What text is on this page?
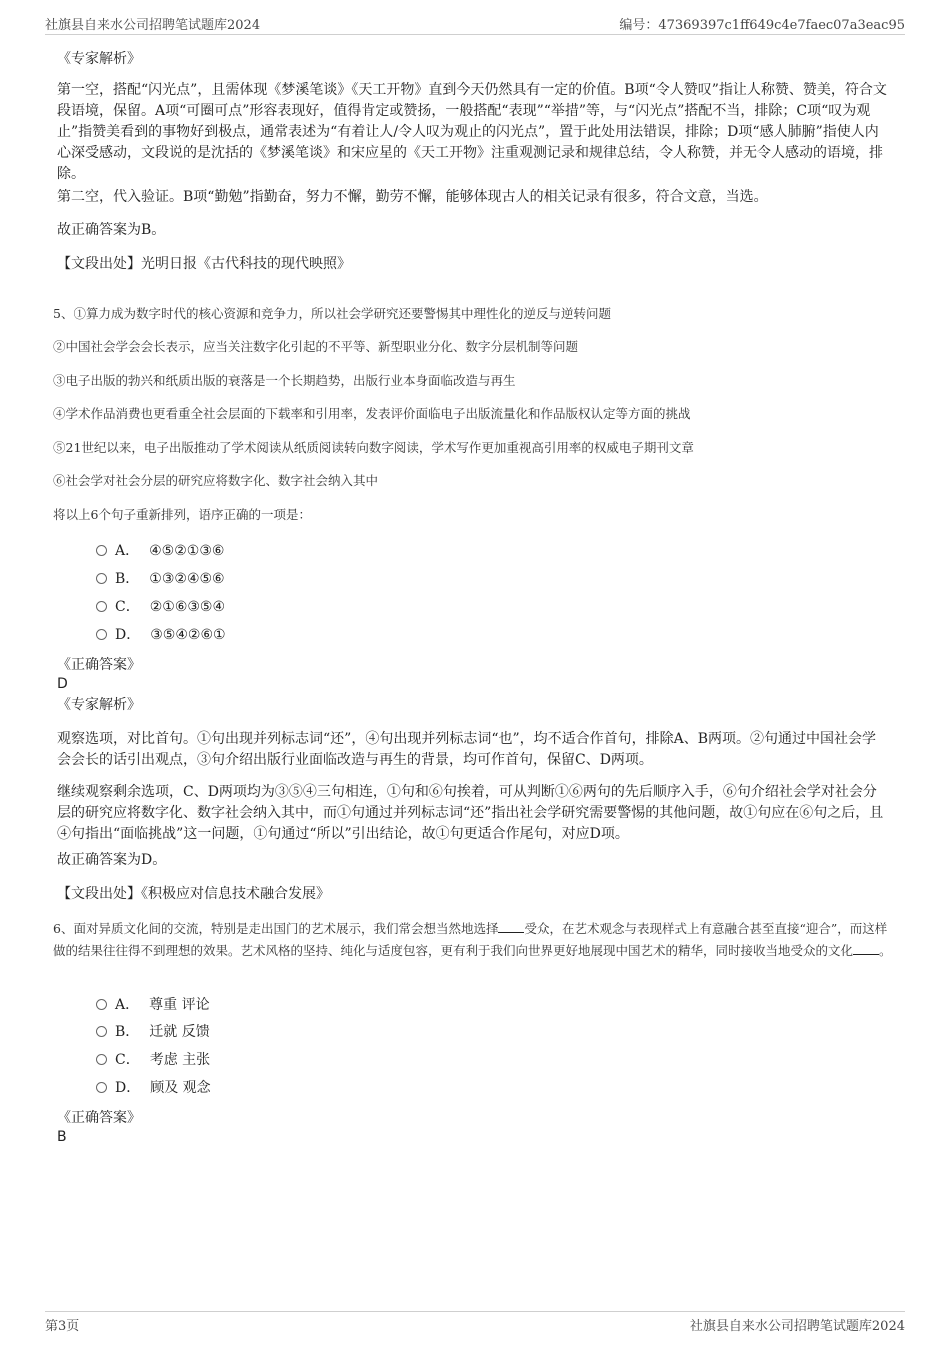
社旗县自来水公司招聘笔试题库2024	编号：47369397c1ff649c4e7faec07a3eac95
《专家解析》
第一空，搭配“闪光点”，且需体现《梦溪笔谈》《天工开物》直到今天仍然具有一定的价值。B项“令人赞叹”指让人称赞、赞美，符合文段语境，保留。A项“可圈可点”形容表现好，值得肯定或赞扬，一般搭配“表现”“举措”等，与“闪光点”搭配不当，排除；C项“叹为观止”指赞美看到的事物好到极点，通常表述为“有着让人/令人叹为观止的闪光点”，置于此处用法错误，排除；D项“感人肺腑”指使人内心深受感动，文段说的是沈括的《梦溪笔谈》和宋应星的《天工开物》注重观测记录和规律总结，令人称赞，并无令人感动的语境，排除。
第二空，代入验证。B项“勤勉”指勤奋，努力不懈，勤劳不懈，能够体现古人的相关记录有很多，符合文意，当选。
故正确答案为B。
【文段出处】光明日报《古代科技的现代映照》
5、①算力成为数字时代的核心资源和竞争力，所以社会学研究还要警惕其中理性化的逆反与逆转问题
②中国社会学会会长表示，应当关注数字化引起的不平等、新型职业分化、数字分层机制等问题
③电子出版的勃兴和纸质出版的衰落是一个长期趋势，出版行业本身面临改造与再生
④学术作品消费也更看重全社会层面的下载率和引用率，发表评价面临电子出版流量化和作品版权认定等方面的挑战
⑤21世纪以来，电子出版推动了学术阅读从纸质阅读转向数字阅读，学术写作更加重视高引用率的权威电子期刊文章
⑥社会学对社会分层的研究应将数字化、数字社会纳入其中
将以上6个句子重新排列，语序正确的一项是：
A． ④⑤②①③⑥
B． ①③②④⑤⑥
C． ②①⑥③⑤④
D． ③⑤④②⑥①
《正确答案》
D
《专家解析》
观察选项，对比首句。①句出现并列标志词“还”，④句出现并列标志词“也”，均不适合作首句，排除A、B两项。②句通过中国社会学会会长的话引出观点，③句介绍出版行业面临改造与再生的背景，均可作首句，保留C、D两项。
继续观察剩余选项，C、D两项均为③⑤④三句相连，①句和⑥句挨着，可从判断①⑥两句的先后顺序入手，⑥句介绍社会学对社会分层的研究应将数字化、数字社会纳入其中，而①句通过并列标志词“还”指出社会学研究需要警惕的其他问题，故①句应在⑥句之后，且④句指出“面临挑战”这一问题，①句通过“所以”引出结论，故①句更适合作尾句，对应D项。
故正确答案为D。
【文段出处】《积极应对信息技术融合发展》
6、面对异质文化间的交流，特别是走出国门的艺术展示，我们常会想当然地选择 受众，在艺术观念与表现样式上有意融合甚至直接“迎合”，而这样做的结果往往得不到理想的效果。艺术风格的坚持、纯化与适度包容，更有利于我们向世界更好地展现中国艺术的精华，同时接收当地受众的文化 。
A． 尊重 评论
B． 迁就 反馈
C． 考虑 主张
D． 顾及 观念
《正确答案》
B
第3页	社旗县自来水公司招聘笔试题库2024
